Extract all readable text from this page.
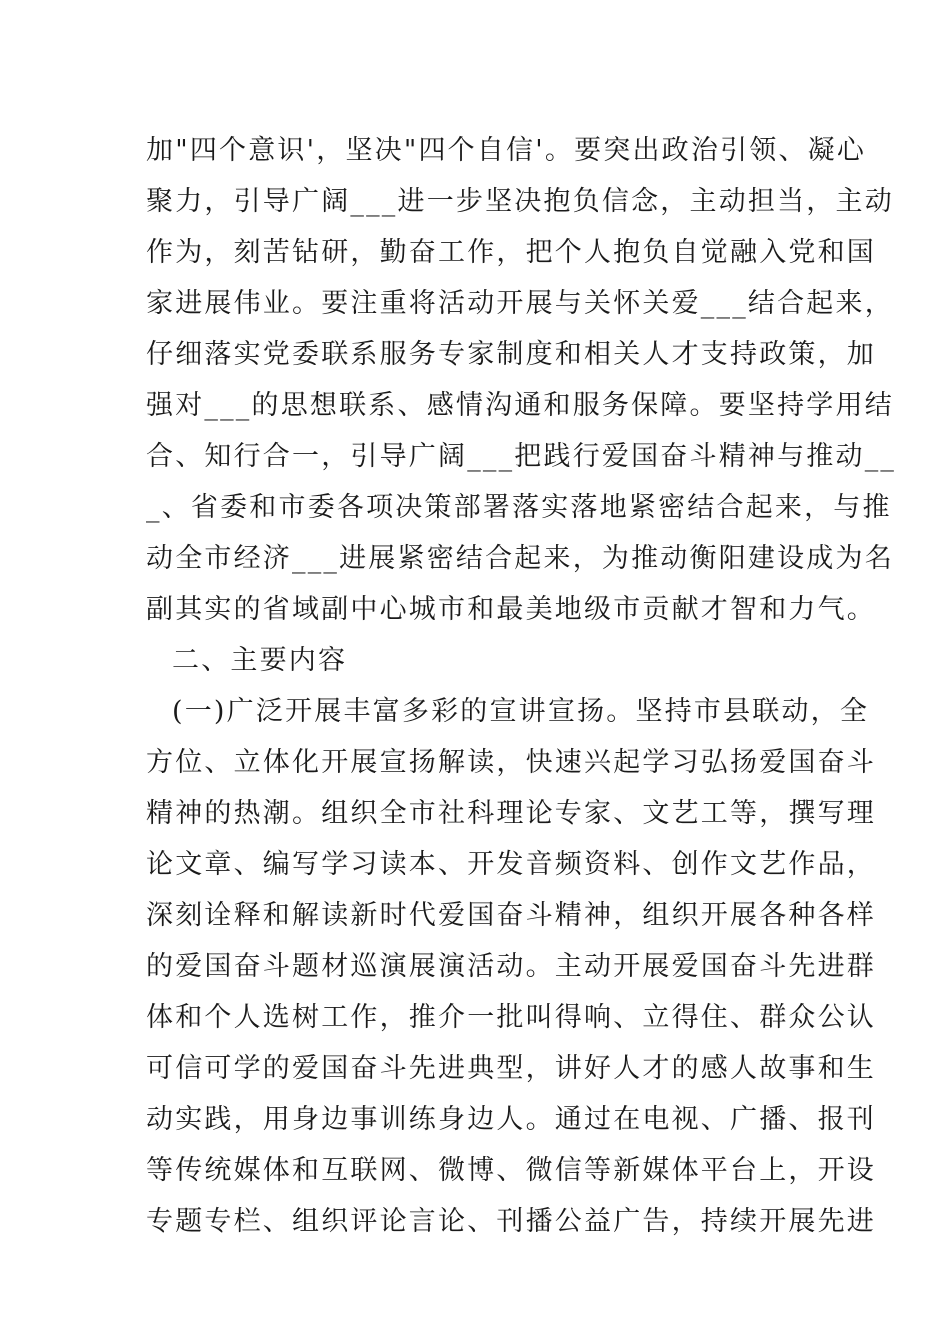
加"四个意识'，坚决"四个自信'。要突出政治引领、凝心
聚力，引导广阔___进一步坚决抱负信念，主动担当，主动
作为，刻苦钻研，勤奋工作，把个人抱负自觉融入党和国
家进展伟业。要注重将活动开展与关怀关爱___结合起来，
仔细落实党委联系服务专家制度和相关人才支持政策，加
强对___的思想联系、感情沟通和服务保障。要坚持学用结
合、知行合一，引导广阔___把践行爱国奋斗精神与推动__
_、省委和市委各项决策部署落实落地紧密结合起来，与推
动全市经济___进展紧密结合起来，为推动衡阳建设成为名
副其实的省域副中心城市和最美地级市贡献才智和力气。
二、主要内容
(一)广泛开展丰富多彩的宣讲宣扬。坚持市县联动，全
方位、立体化开展宣扬解读，快速兴起学习弘扬爱国奋斗
精神的热潮。组织全市社科理论专家、文艺工等，撰写理
论文章、编写学习读本、开发音频资料、创作文艺作品，
深刻诠释和解读新时代爱国奋斗精神，组织开展各种各样
的爱国奋斗题材巡演展演活动。主动开展爱国奋斗先进群
体和个人选树工作，推介一批叫得响、立得住、群众公认
可信可学的爱国奋斗先进典型，讲好人才的感人故事和生
动实践，用身边事训练身边人。通过在电视、广播、报刊
等传统媒体和互联网、微博、微信等新媒体平台上，开设
专题专栏、组织评论言论、刊播公益广告，持续开展先进
